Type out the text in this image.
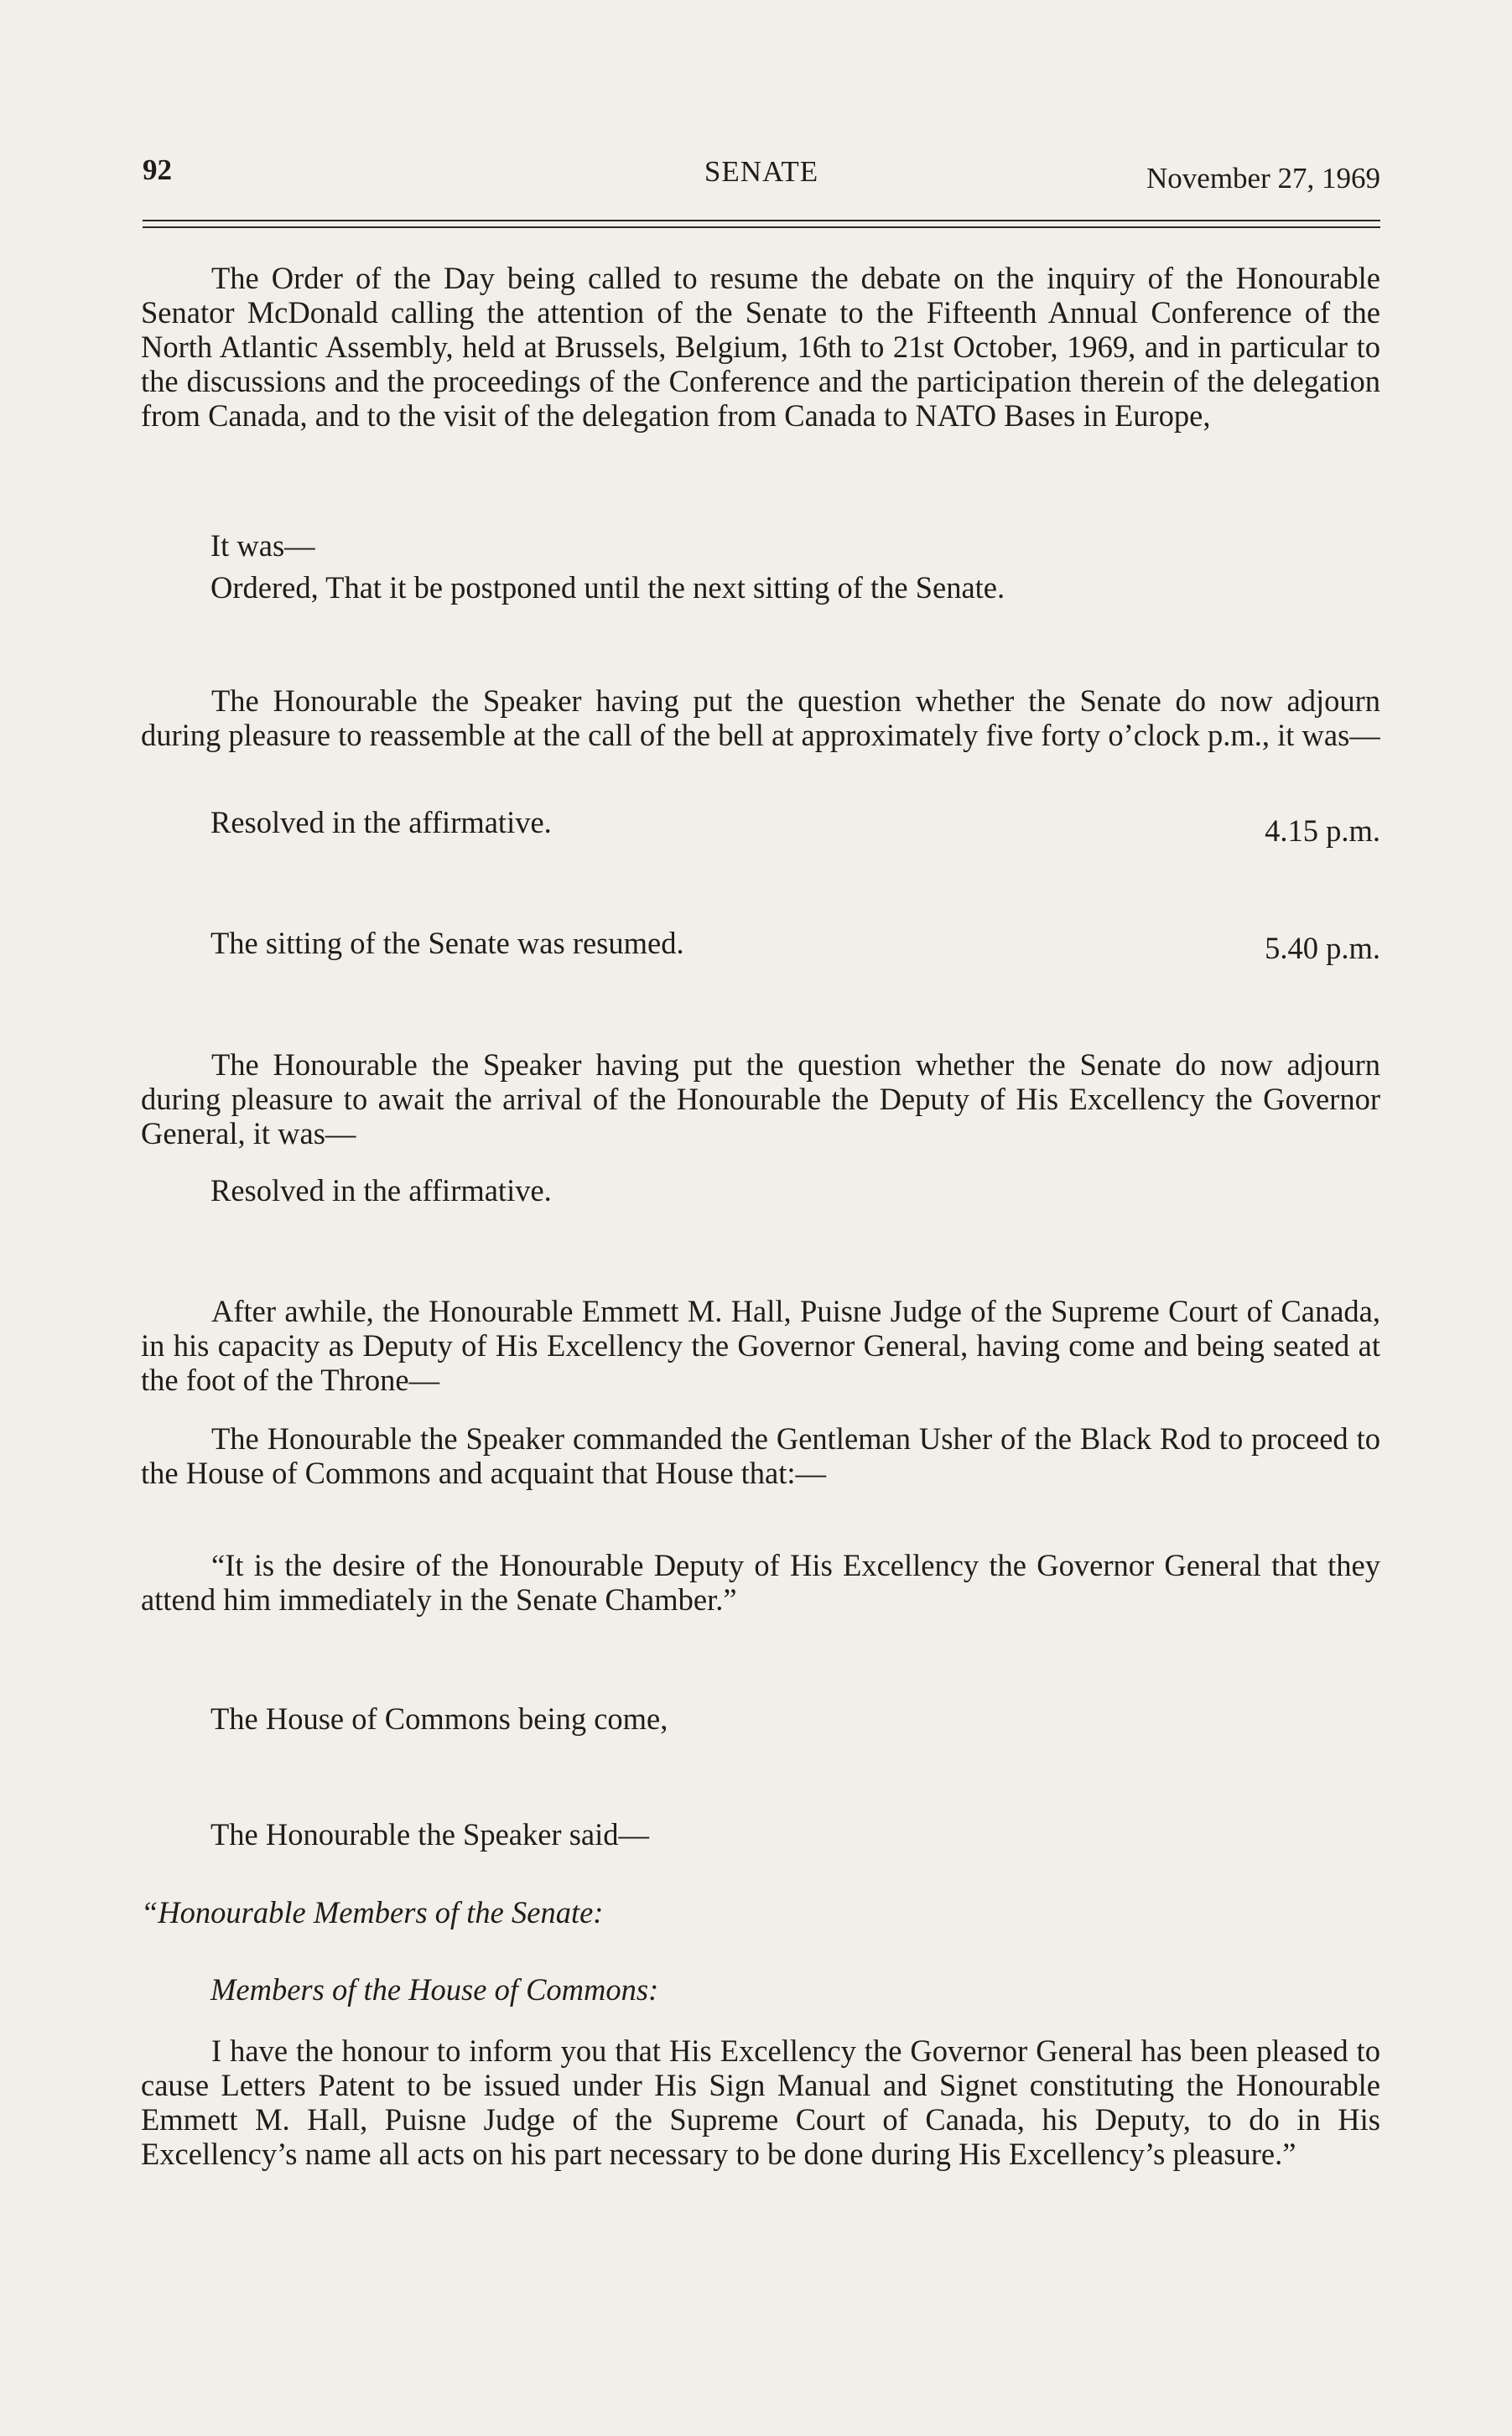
92	SENATE	November 27, 1969

The Order of the Day being called to resume the debate on the inquiry of the Honourable Senator McDonald calling the attention of the Senate to the Fifteenth Annual Conference of the North Atlantic Assembly, held at Brussels, Belgium, 16th to 21st October, 1969, and in particular to the discussions and the proceedings of the Conference and the participation therein of the delegation from Canada, and to the visit of the delegation from Canada to NATO Bases in Europe,

It was—
Ordered, That it be postponed until the next sitting of the Senate.

The Honourable the Speaker having put the question whether the Senate do now adjourn during pleasure to reassemble at the call of the bell at approximately five forty o’clock p.m., it was—

Resolved in the affirmative.	4.15 p.m.
The sitting of the Senate was resumed.	5.40 p.m.

The Honourable the Speaker having put the question whether the Senate do now adjourn during pleasure to await the arrival of the Honourable the Deputy of His Excellency the Governor General, it was—

Resolved in the affirmative.

After awhile, the Honourable Emmett M. Hall, Puisne Judge of the Supreme Court of Canada, in his capacity as Deputy of His Excellency the Governor General, having come and being seated at the foot of the Throne—

The Honourable the Speaker commanded the Gentleman Usher of the Black Rod to proceed to the House of Commons and acquaint that House that:—

“It is the desire of the Honourable Deputy of His Excellency the Governor General that they attend him immediately in the Senate Chamber.”

The House of Commons being come,
The Honourable the Speaker said—
“Honourable Members of the Senate:
Members of the House of Commons:

I have the honour to inform you that His Excellency the Governor General has been pleased to cause Letters Patent to be issued under His Sign Manual and Signet constituting the Honourable Emmett M. Hall, Puisne Judge of the Supreme Court of Canada, his Deputy, to do in His Excellency’s name all acts on his part necessary to be done during His Excellency’s pleasure.”
